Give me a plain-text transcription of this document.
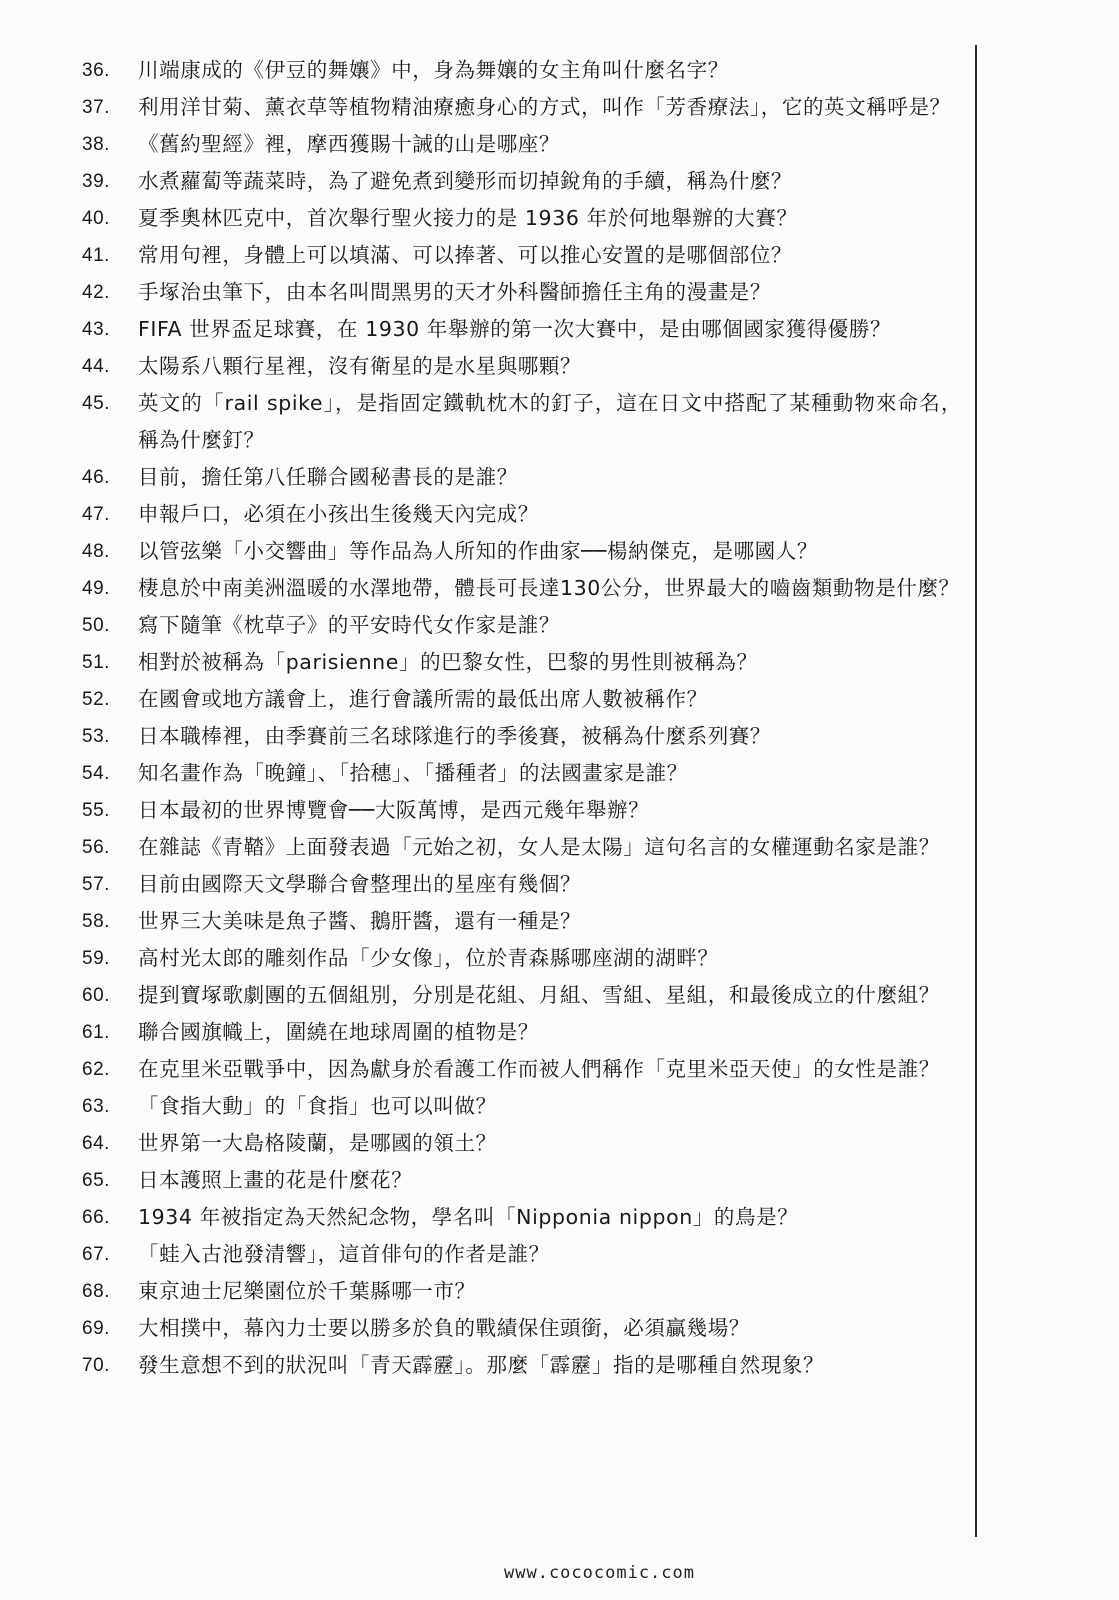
36.	川端康成的《伊豆的舞孃》中，身為舞孃的女主角叫什麼名字？
37.	利用洋甘菊、薰衣草等植物精油療癒身心的方式，叫作「芳香療法」，它的英文稱呼是？
38.	《舊約聖經》裡，摩西獲賜十誡的山是哪座？
39.	水煮蘿蔔等蔬菜時，為了避免煮到變形而切掉銳角的手續，稱為什麼？
40.	夏季奧林匹克中，首次舉行聖火接力的是 1936 年於何地舉辦的大賽？
41.	常用句裡，身體上可以填滿、可以捧著、可以推心安置的是哪個部位？
42.	手塚治虫筆下，由本名叫間黑男的天才外科醫師擔任主角的漫畫是？
43.	FIFA 世界盃足球賽，在 1930 年舉辦的第一次大賽中，是由哪個國家獲得優勝？
44.	太陽系八顆行星裡，沒有衛星的是水星與哪顆？
45.	英文的「rail spike」，是指固定鐵軌枕木的釘子，這在日文中搭配了某種動物來命名，稱為什麼釘？
46.	目前，擔任第八任聯合國秘書長的是誰？
47.	申報戶口，必須在小孩出生後幾天內完成？
48.	以管弦樂「小交響曲」等作品為人所知的作曲家──楊納傑克，是哪國人？
49.	棲息於中南美洲溫暖的水澤地帶，體長可長達130公分，世界最大的嚙齒類動物是什麼？
50.	寫下隨筆《枕草子》的平安時代女作家是誰？
51.	相對於被稱為「parisienne」的巴黎女性，巴黎的男性則被稱為？
52.	在國會或地方議會上，進行會議所需的最低出席人數被稱作？
53.	日本職棒裡，由季賽前三名球隊進行的季後賽，被稱為什麼系列賽？
54.	知名畫作為「晚鐘」、「拾穗」、「播種者」的法國畫家是誰？
55.	日本最初的世界博覽會──大阪萬博，是西元幾年舉辦？
56.	在雜誌《青鞜》上面發表過「元始之初，女人是太陽」這句名言的女權運動名家是誰？
57.	目前由國際天文學聯合會整理出的星座有幾個？
58.	世界三大美味是魚子醬、鵝肝醬，還有一種是？
59.	高村光太郎的雕刻作品「少女像」，位於青森縣哪座湖的湖畔？
60.	提到寶塚歌劇團的五個組別，分別是花組、月組、雪組、星組，和最後成立的什麼組？
61.	聯合國旗幟上，圍繞在地球周圍的植物是？
62.	在克里米亞戰爭中，因為獻身於看護工作而被人們稱作「克里米亞天使」的女性是誰？
63.	「食指大動」的「食指」也可以叫做？
64.	世界第一大島格陵蘭，是哪國的領土？
65.	日本護照上畫的花是什麼花？
66.	1934 年被指定為天然紀念物，學名叫「Nipponia nippon」的鳥是？
67.	「蛙入古池發清響」，這首俳句的作者是誰？
68.	東京迪士尼樂園位於千葉縣哪一市？
69.	大相撲中，幕內力士要以勝多於負的戰績保住頭銜，必須贏幾場？
70.	發生意想不到的狀況叫「青天霹靂」。那麼「霹靂」指的是哪種自然現象？
www.cococomic.com
